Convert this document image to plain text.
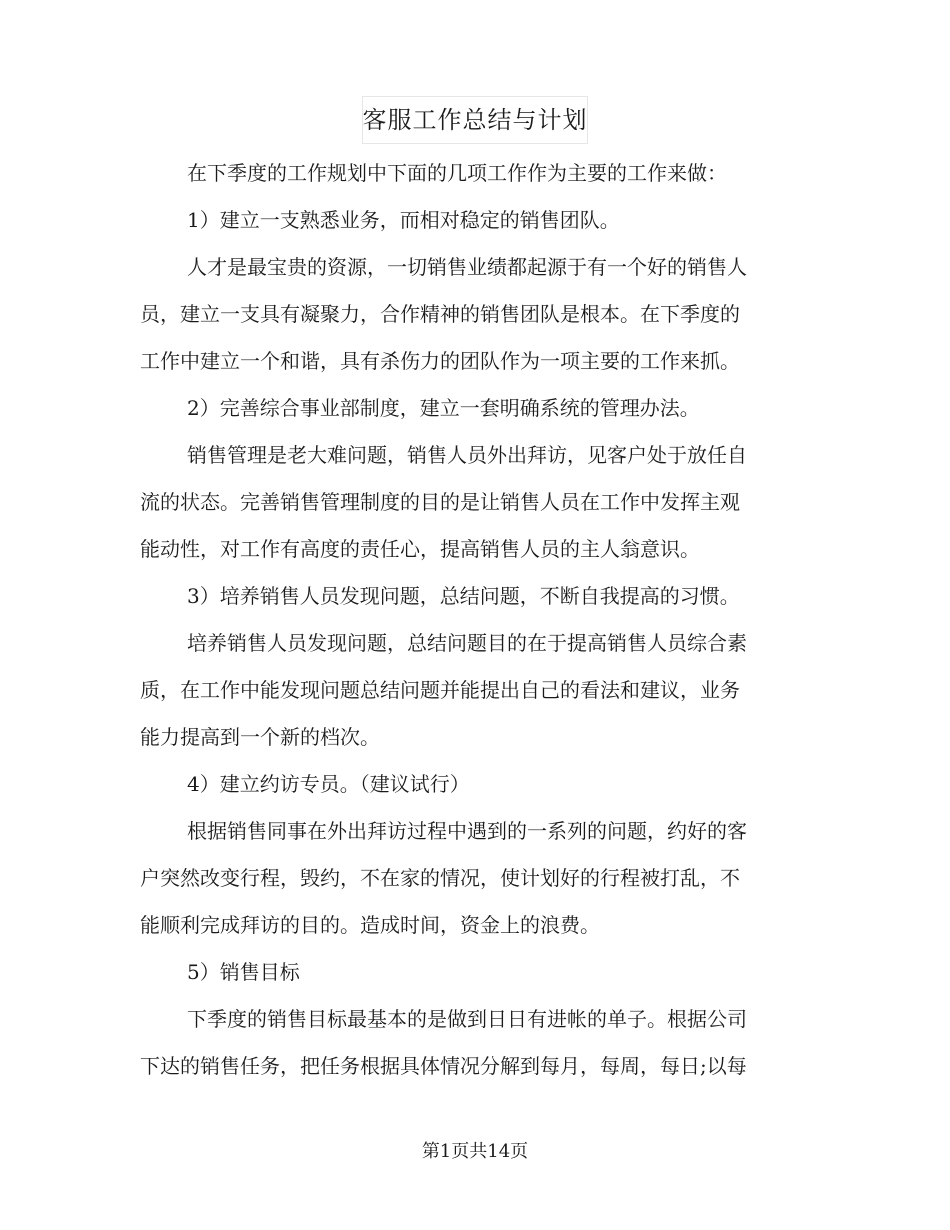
客服工作总结与计划
在下季度的工作规划中下面的几项工作作为主要的工作来做：
1）建立一支熟悉业务，而相对稳定的销售团队。
人才是最宝贵的资源，一切销售业绩都起源于有一个好的销售人
员，建立一支具有凝聚力，合作精神的销售团队是根本。在下季度的
工作中建立一个和谐，具有杀伤力的团队作为一项主要的工作来抓。
2）完善综合事业部制度，建立一套明确系统的管理办法。
销售管理是老大难问题，销售人员外出拜访，见客户处于放任自
流的状态。完善销售管理制度的目的是让销售人员在工作中发挥主观
能动性，对工作有高度的责任心，提高销售人员的主人翁意识。
3）培养销售人员发现问题，总结问题，不断自我提高的习惯。
培养销售人员发现问题，总结问题目的在于提高销售人员综合素
质，在工作中能发现问题总结问题并能提出自己的看法和建议，业务
能力提高到一个新的档次。
4）建立约访专员。（建议试行）
根据销售同事在外出拜访过程中遇到的一系列的问题，约好的客
户突然改变行程，毁约，不在家的情况，使计划好的行程被打乱，不
能顺利完成拜访的目的。造成时间，资金上的浪费。
5）销售目标
下季度的销售目标最基本的是做到日日有进帐的单子。根据公司
下达的销售任务，把任务根据具体情况分解到每月，每周，每日;以每
第1页共14页
